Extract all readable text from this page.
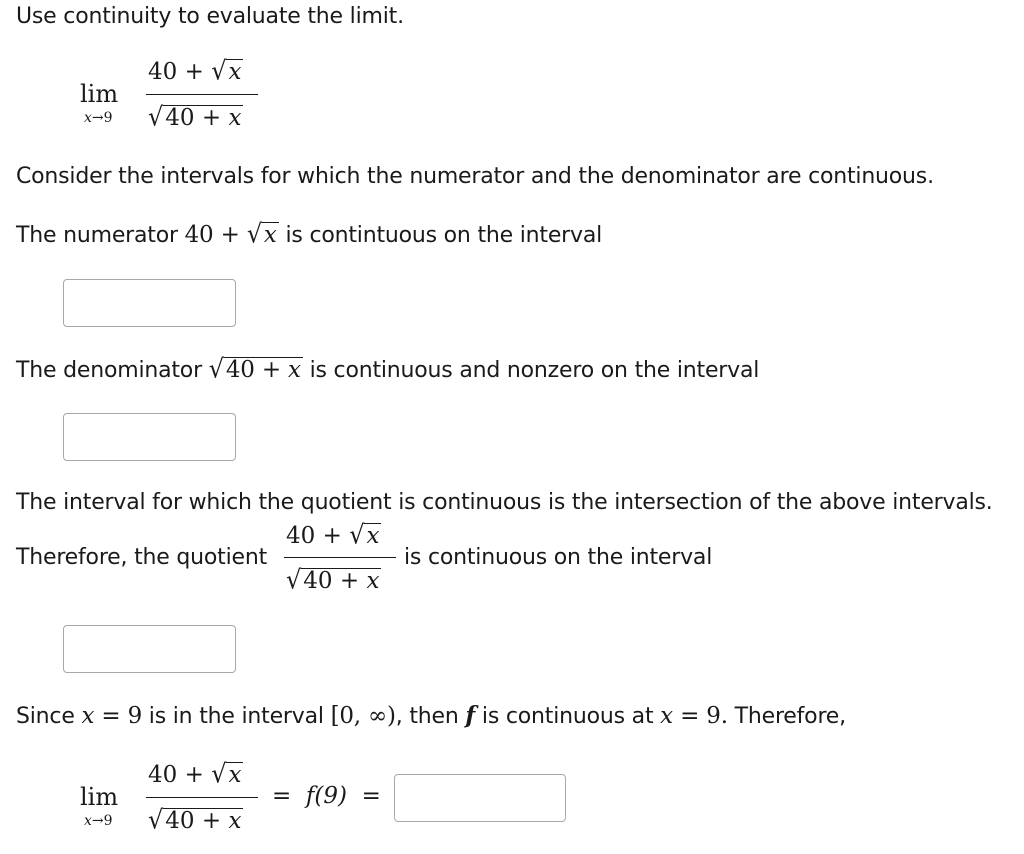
Use continuity to evaluate the limit.
lim
x→9
40 + √x
√40 + x
Consider the intervals for which the numerator and the denominator are continuous.
The numerator 40 + √x is contintuous on the interval
The denominator √40 + x is continuous and nonzero on the interval
The interval for which the quotient is continuous is the intersection of the above intervals.
Therefore, the quotient
40 + √x
√40 + x
is continuous on the interval
Since x = 9 is in the interval [0, ∞), then f is continuous at x = 9. Therefore,
lim
x→9
40 + √x
√40 + x
= f(9) =
